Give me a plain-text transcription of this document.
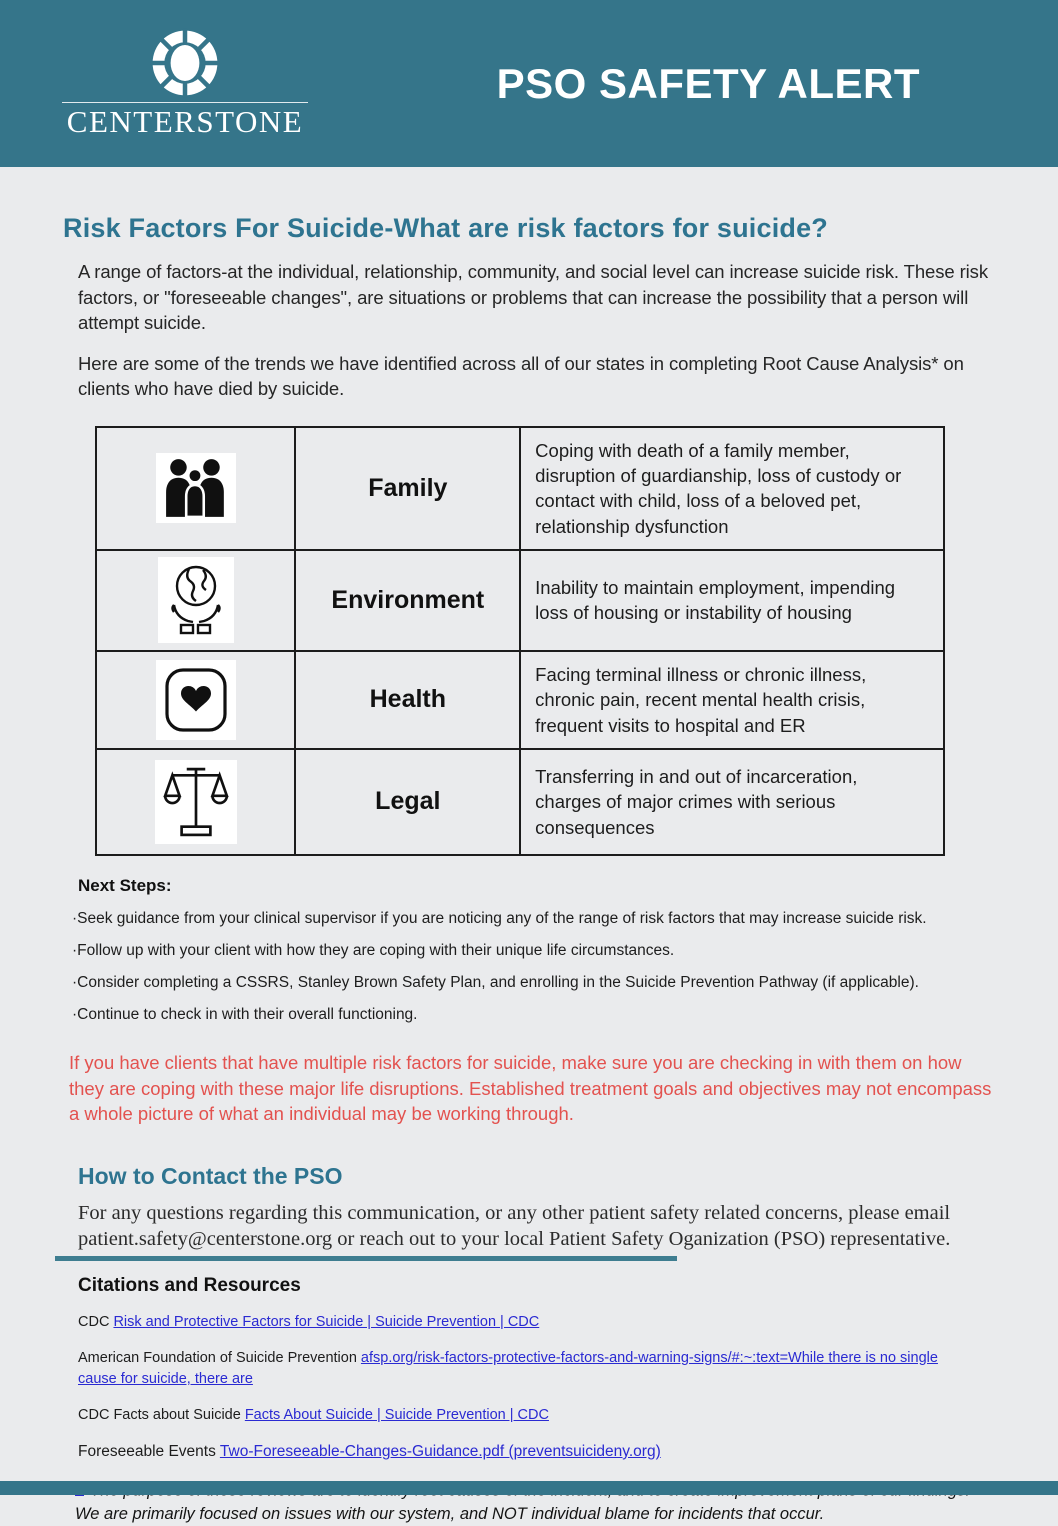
CENTERSTONE
PSO SAFETY ALERT
Risk Factors For Suicide-What are risk factors for suicide?

A range of factors-at the individual, relationship, community, and social level can increase suicide risk. These risk factors, or "foreseeable changes", are situations or problems that can increase the possibility that a person will attempt suicide.

Here are some of the trends we have identified across all of our states in completing Root Cause Analysis* on clients who have died by suicide.

	Family	Coping with death of a family member, disruption of guardianship, loss of custody or contact with child, loss of a beloved pet, relationship dysfunction
	Environment	Inability to maintain employment, impending loss of housing or instability of housing
	Health	Facing terminal illness or chronic illness, chronic pain, recent mental health crisis, frequent visits to hospital and ER
	Legal	Transferring in and out of incarceration, charges of major crimes with serious consequences
Next Steps:

·Seek guidance from your clinical supervisor if you are noticing any of the range of risk factors that may increase suicide risk.

·Follow up with your client with how they are coping with their unique life circumstances.

·Consider completing a CSSRS, Stanley Brown Safety Plan, and enrolling in the Suicide Prevention Pathway (if applicable).

·Continue to check in with their overall functioning.

If you have clients that have multiple risk factors for suicide, make sure you are checking in with them on how they are coping with these major life disruptions. Established treatment goals and objectives may not encompass a whole picture of what an individual may be working through.

How to Contact the PSO

For any questions regarding this communication, or any other patient safety related concerns, please email patient.safety@centerstone.org or reach out to your local Patient Safety Oganization (PSO) representative.

Citations and Resources

CDC Risk and Protective Factors for Suicide | Suicide Prevention | CDC

American Foundation of Suicide Prevention afsp.org/risk-factors-protective-factors-and-warning-signs/#:~:text=While there is no single cause for suicide, there are

CDC Facts about Suicide Facts About Suicide | Suicide Prevention | CDC

Foreseeable Events Two-Foreseeable-Changes-Guidance.pdf (preventsuicideny.org)

We are primarily focused on issues with our system, and NOT individual blame for incidents that occur.
